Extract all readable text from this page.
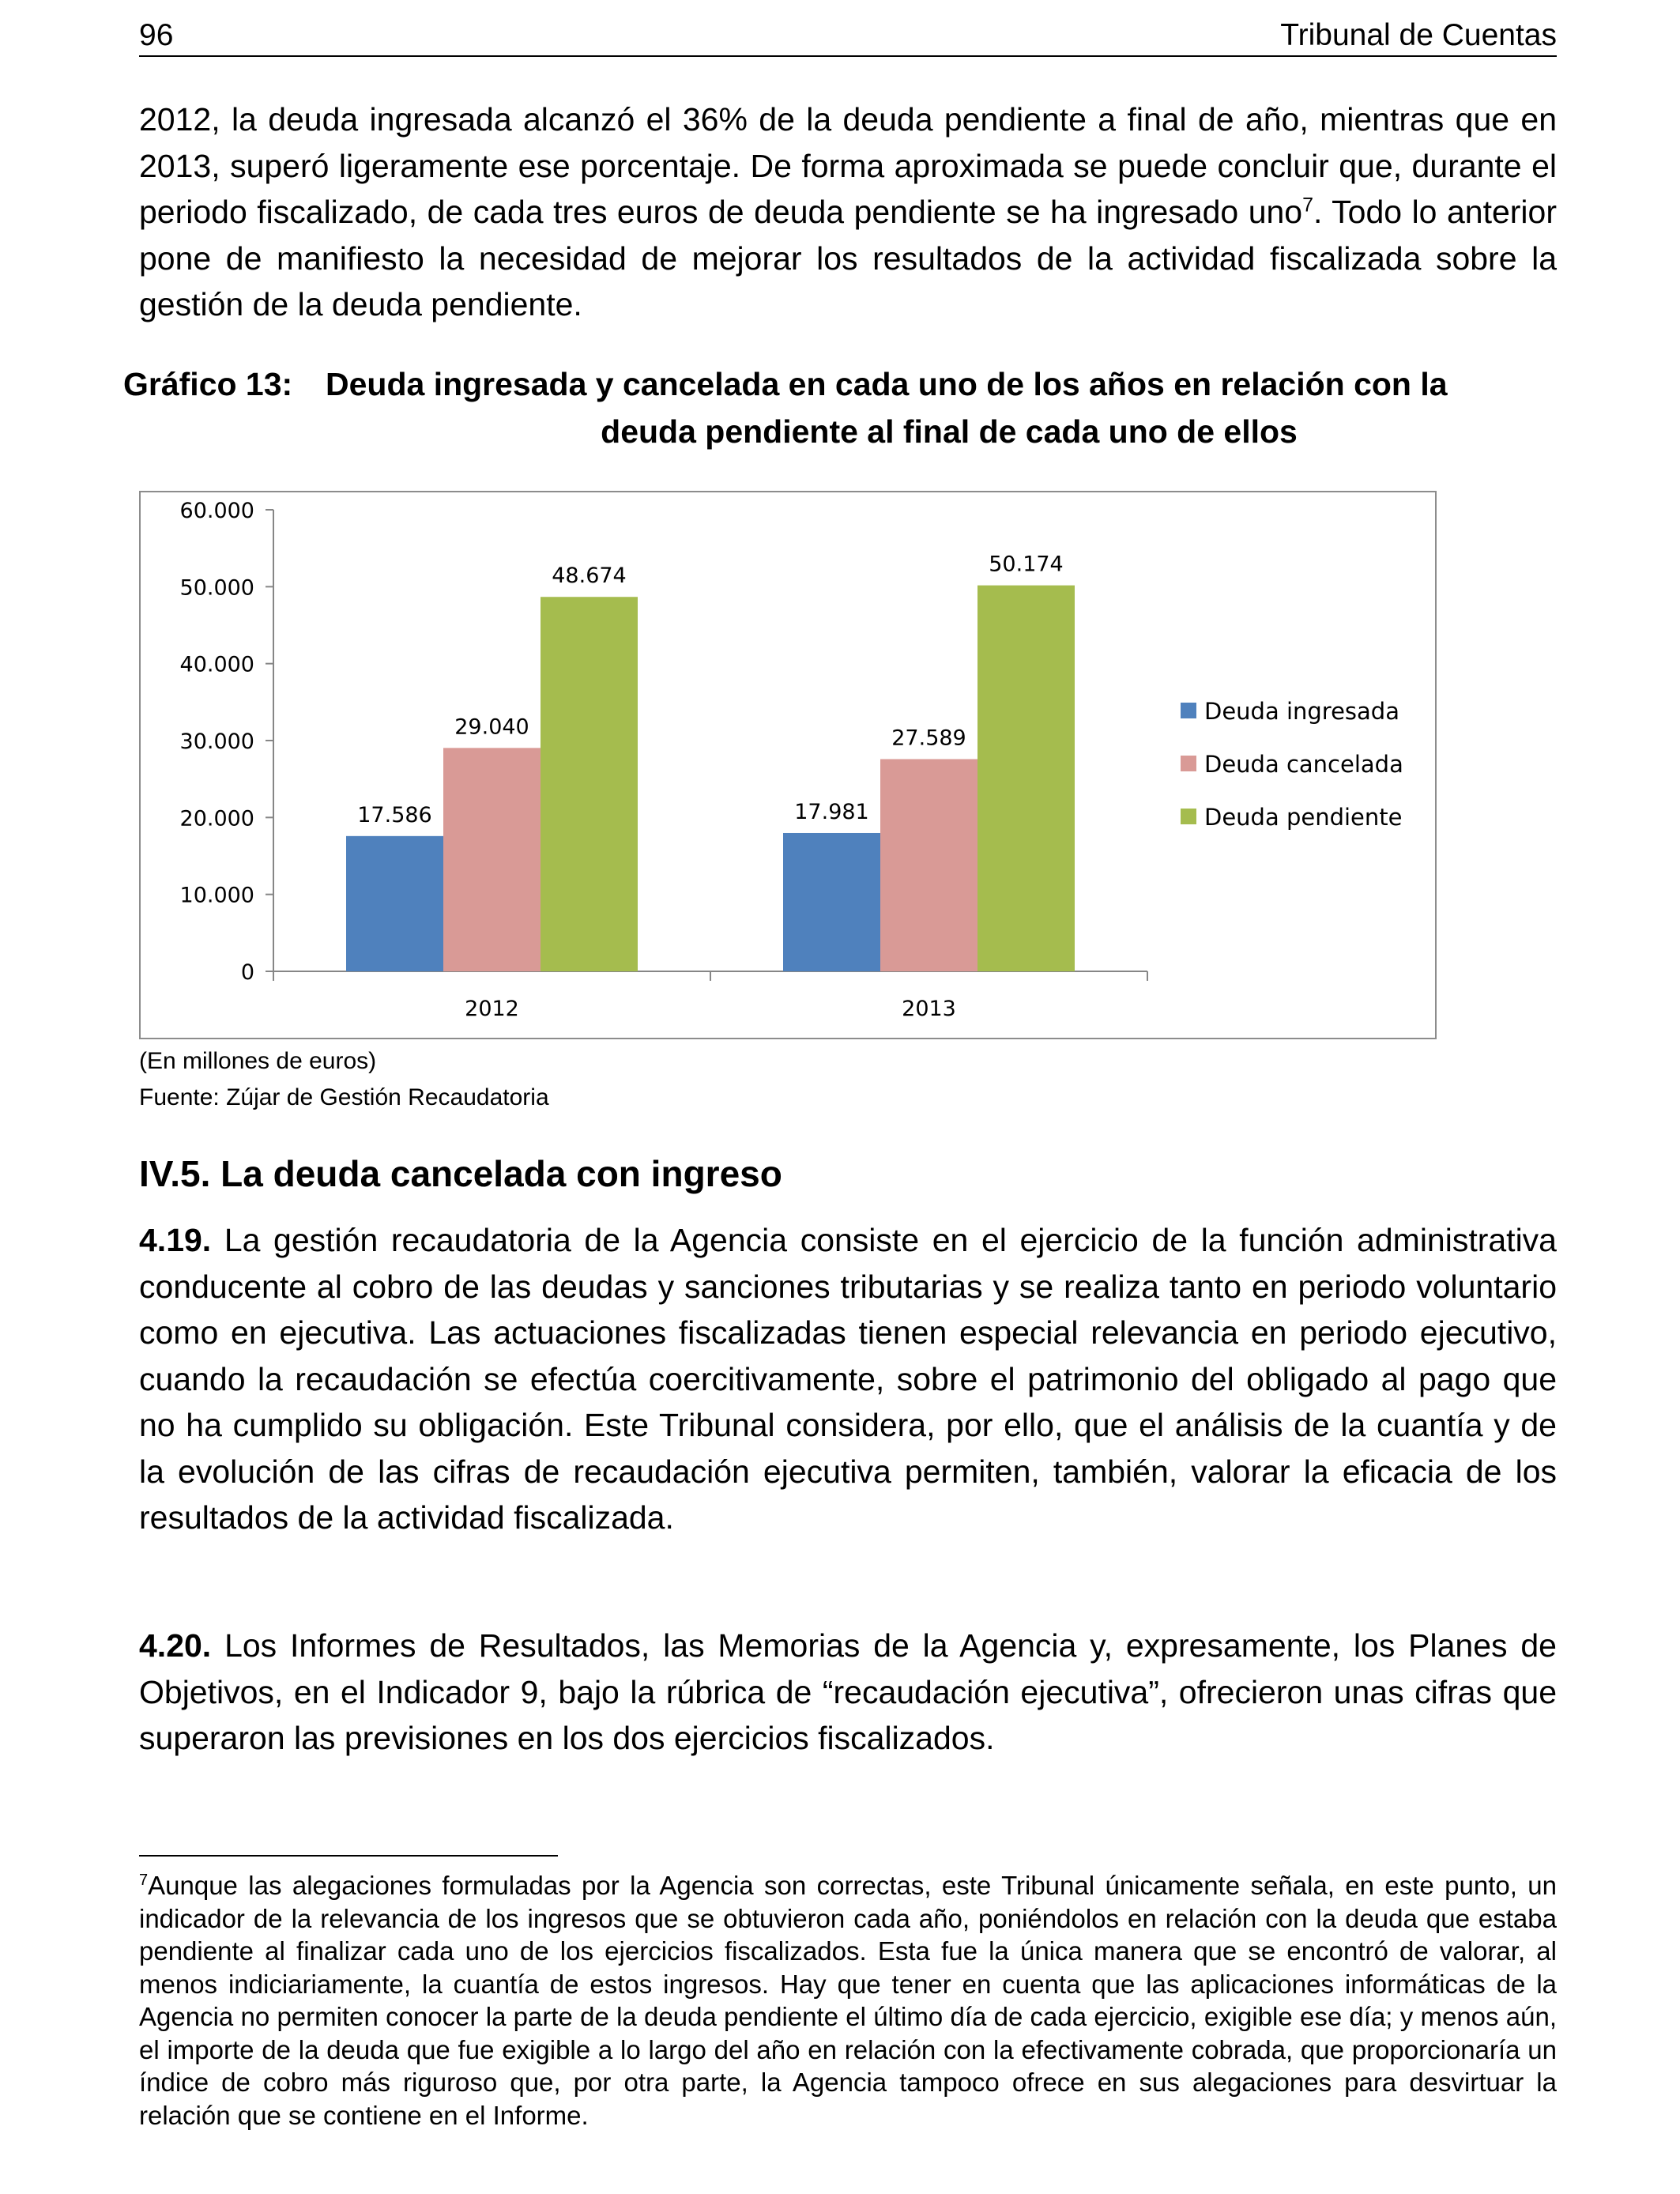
96	Tribunal de Cuentas

2012, la deuda ingresada alcanzó el 36% de la deuda pendiente a final de año, mientras que en 2013, superó ligeramente ese porcentaje. De forma aproximada se puede concluir que, durante el periodo fiscalizado, de cada tres euros de deuda pendiente se ha ingresado uno$^7$. Todo lo anterior pone de manifiesto la necesidad de mejorar los resultados de la actividad fiscalizada sobre la gestión de la deuda pendiente.

Gráfico 13: Deuda ingresada y cancelada en cada uno de los años en relación con la
deuda pendiente al final de cada uno de ellos
0
10.000
20.000
30.000
40.000
50.000
60.000
2012	2013
17.586
29.040
48.674
17.981
27.589
50.174
Deuda ingresada
Deuda cancelada
Deuda pendiente
(En millones de euros)
Fuente: Zújar de Gestión Recaudatoria
IV.5. La deuda cancelada con ingreso

4.19. La gestión recaudatoria de la Agencia consiste en el ejercicio de la función administrativa conducente al cobro de las deudas y sanciones tributarias y se realiza tanto en periodo voluntario como en ejecutiva. Las actuaciones fiscalizadas tienen especial relevancia en periodo ejecutivo, cuando la recaudación se efectúa coercitivamente, sobre el patrimonio del obligado al pago que no ha cumplido su obligación. Este Tribunal considera, por ello, que el análisis de la cuantía y de la evolución de las cifras de recaudación ejecutiva permiten, también, valorar la eficacia de los resultados de la actividad fiscalizada.

4.20. Los Informes de Resultados, las Memorias de la Agencia y, expresamente, los Planes de Objetivos, en el Indicador 9, bajo la rúbrica de “recaudación ejecutiva”, ofrecieron unas cifras que superaron las previsiones en los dos ejercicios fiscalizados.

$^7$Aunque las alegaciones formuladas por la Agencia son correctas, este Tribunal únicamente señala, en este punto, un indicador de la relevancia de los ingresos que se obtuvieron cada año, poniéndolos en relación con la deuda que estaba pendiente al finalizar cada uno de los ejercicios fiscalizados. Esta fue la única manera que se encontró de valorar, al menos indiciariamente, la cuantía de estos ingresos. Hay que tener en cuenta que las aplicaciones informáticas de la Agencia no permiten conocer la parte de la deuda pendiente el último día de cada ejercicio, exigible ese día; y menos aún, el importe de la deuda que fue exigible a lo largo del año en relación con la efectivamente cobrada, que proporcionaría un índice de cobro más riguroso que, por otra parte, la Agencia tampoco ofrece en sus alegaciones para desvirtuar la relación que se contiene en el Informe.
